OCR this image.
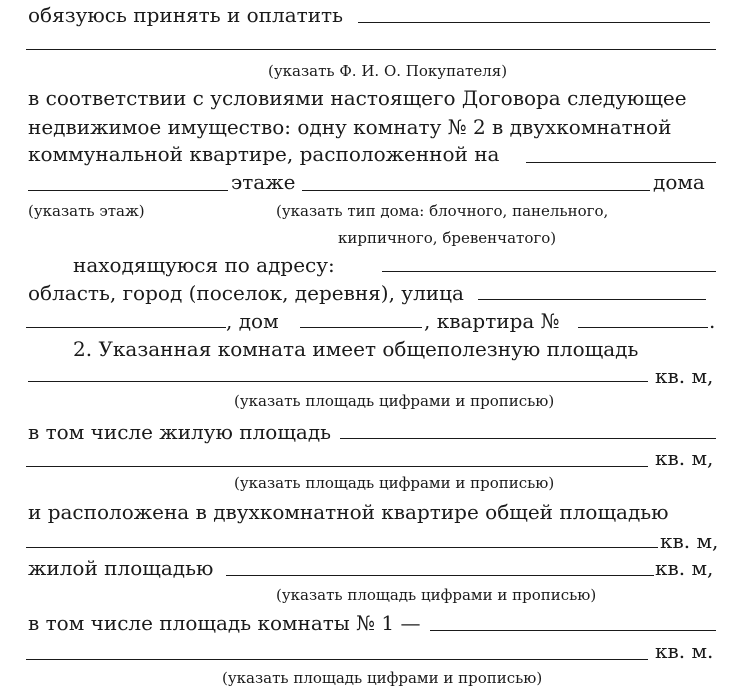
обязуюсь принять и оплатить
(указать Ф. И. О. Покупателя)
в соответствии с условиями настоящего Договора следующее
недвижимое имущество: одну комнату № 2 в двухкомнатной
коммунальной квартире, расположенной на
этаже	дома
(указать этаж)	(указать тип дома: блочного, панельного,
кирпичного, бревенчатого)
находящуюся по адресу:
область, город (поселок, деревня), улица
, дом	, квартира №	.
2. Указанная комната имеет общеполезную площадь
кв. м,
(указать площадь цифрами и прописью)
в том числе жилую площадь
кв. м,
(указать площадь цифрами и прописью)
и расположена в двухкомнатной квартире общей площадью
кв. м,
жилой площадью	кв. м,
(указать площадь цифрами и прописью)
в том числе площадь комнаты № 1 —
кв. м.
(указать площадь цифрами и прописью)
